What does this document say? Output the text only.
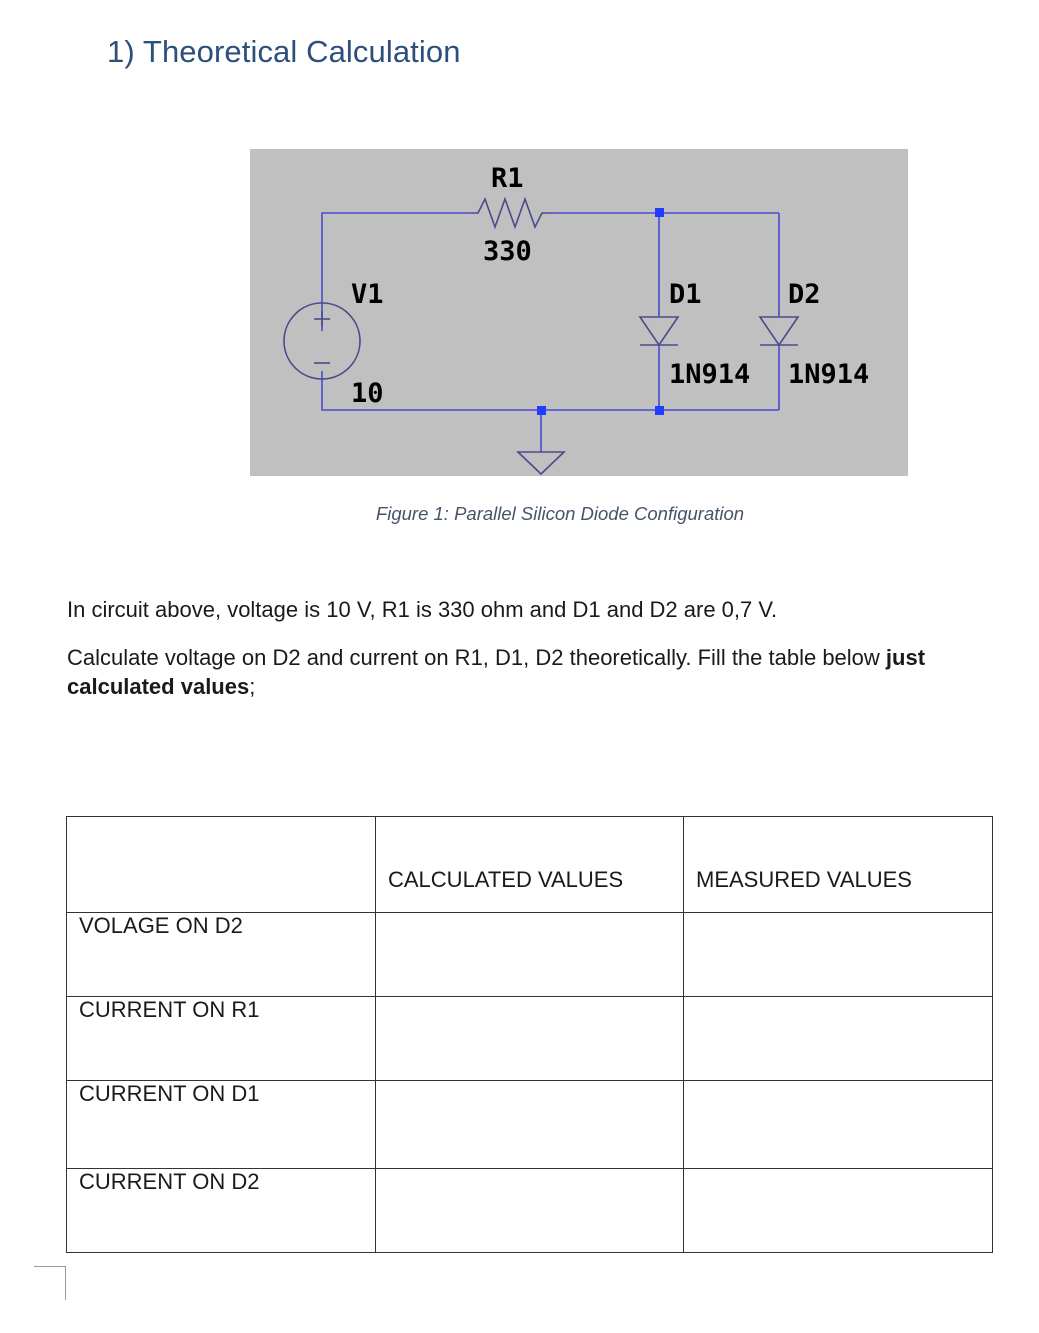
1) Theoretical Calculation
R1
330
V1
10
D1	D2
1N914 1N914

Figure 1: Parallel Silicon Diode Configuration

In circuit above, voltage is 10 V, R1 is 330 ohm and D1 and D2 are 0,7 V.

Calculate voltage on D2 and current on R1, D1, D2 theoretically. Fill the table below just calculated values;

	CALCULATED VALUES	MEASURED VALUES

VOLAGE ON D2		

CURRENT ON R1		

CURRENT ON D1		

CURRENT ON D2		
